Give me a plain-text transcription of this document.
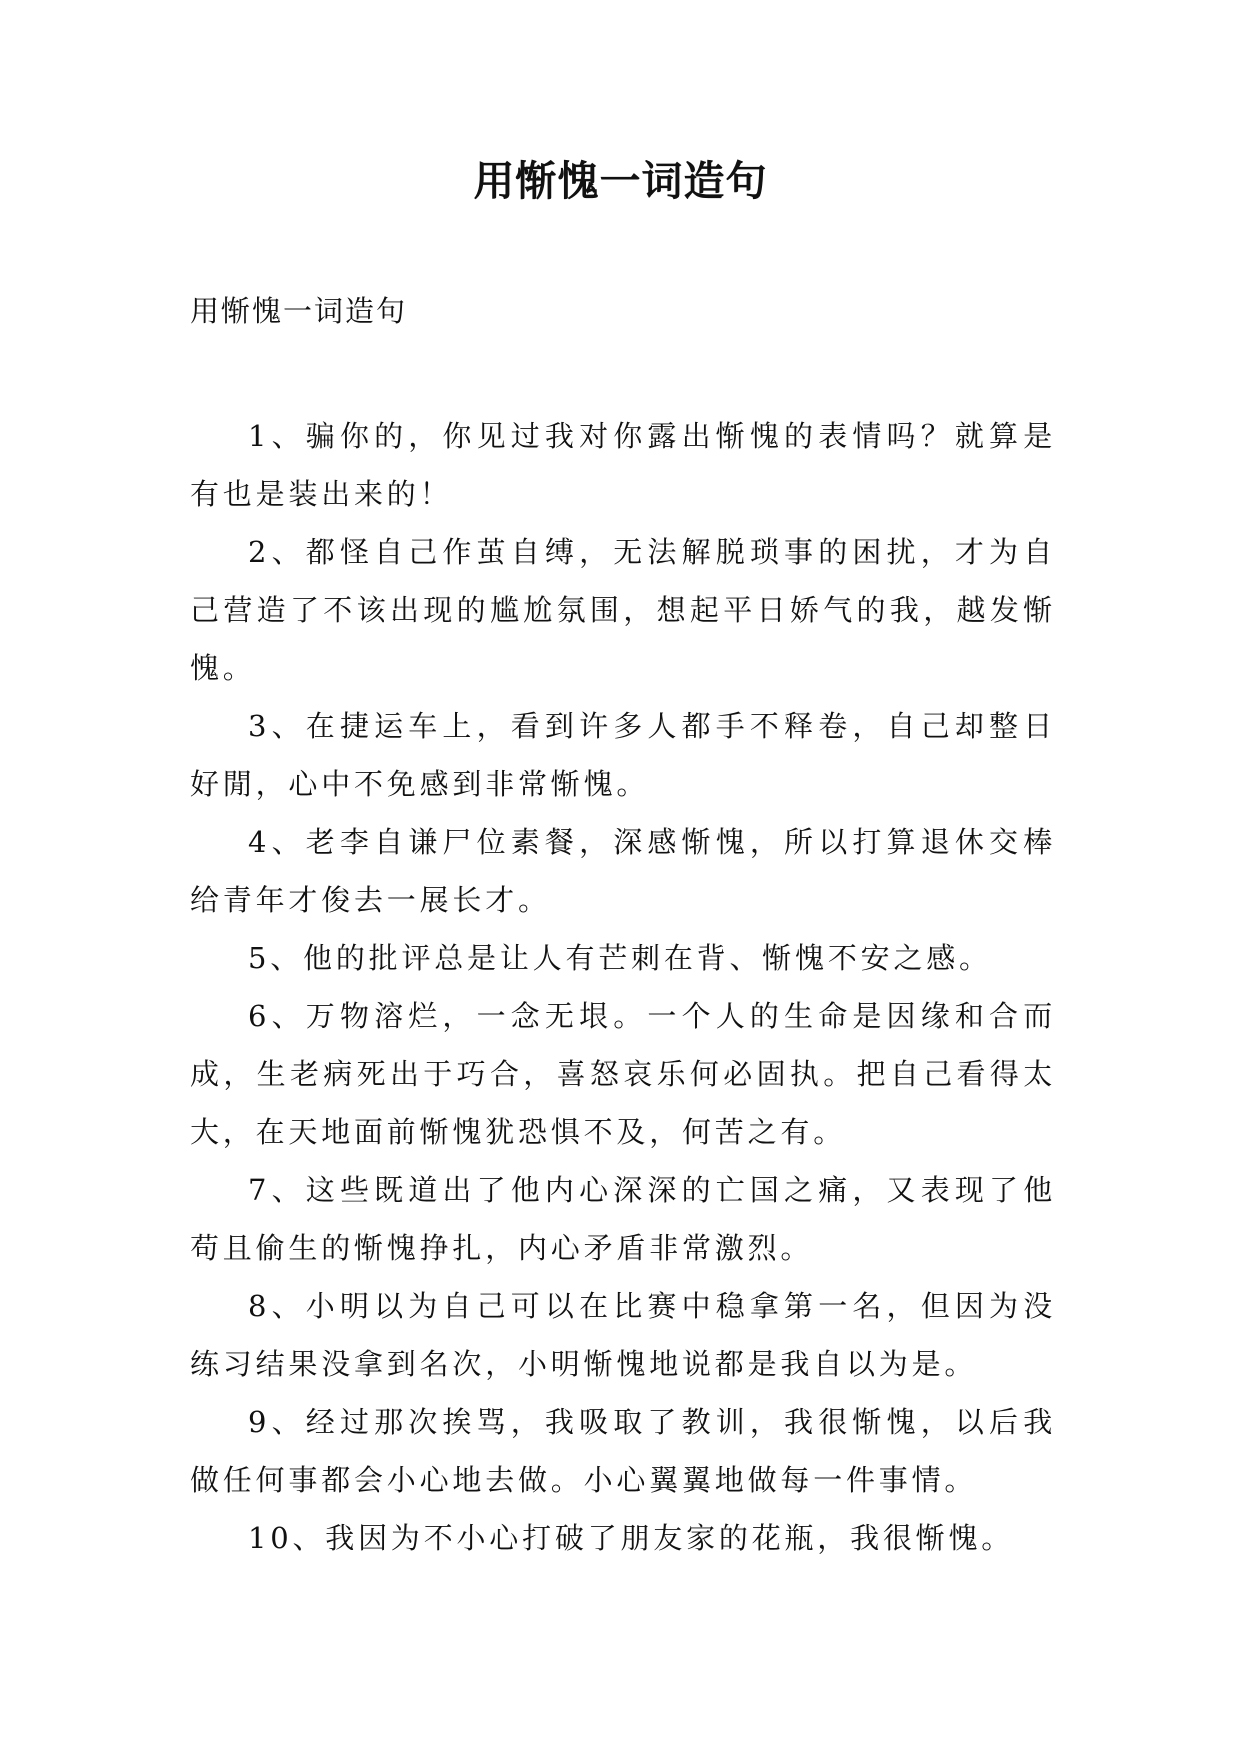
用惭愧一词造句

用惭愧一词造句

1、骗你的，你见过我对你露出惭愧的表情吗？就算是有也是装出来的！

2、都怪自己作茧自缚，无法解脱琐事的困扰，才为自己营造了不该出现的尴尬氛围，想起平日娇气的我，越发惭愧。

3、在捷运车上，看到许多人都手不释卷，自己却整日好閒，心中不免感到非常惭愧。

4、老李自谦尸位素餐，深感惭愧，所以打算退休交棒给青年才俊去一展长才。

5、他的批评总是让人有芒刺在背、惭愧不安之感。

6、万物溶烂，一念无垠。一个人的生命是因缘和合而成，生老病死出于巧合，喜怒哀乐何必固执。把自己看得太大，在天地面前惭愧犹恐惧不及，何苦之有。

7、这些既道出了他内心深深的亡国之痛，又表现了他苟且偷生的惭愧挣扎，内心矛盾非常激烈。

8、小明以为自己可以在比赛中稳拿第一名，但因为没练习结果没拿到名次，小明惭愧地说都是我自以为是。

9、经过那次挨骂，我吸取了教训，我很惭愧，以后我做任何事都会小心地去做。小心翼翼地做每一件事情。

10、我因为不小心打破了朋友家的花瓶，我很惭愧。
